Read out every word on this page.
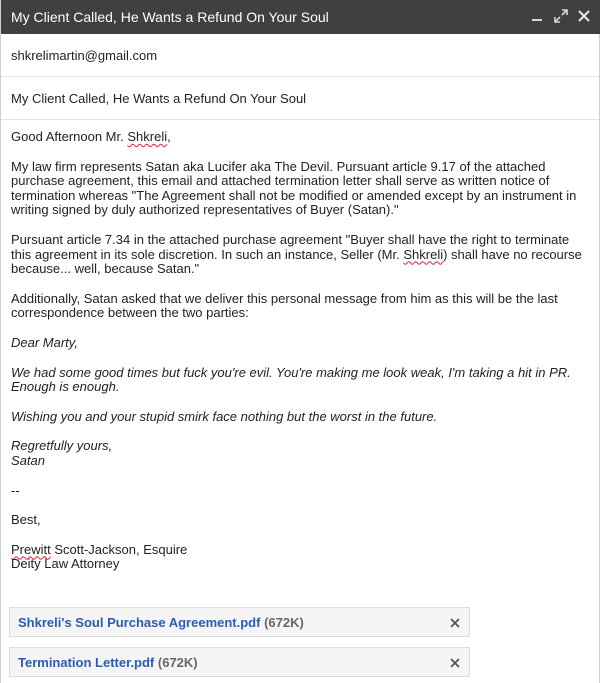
My Client Called, He Wants a Refund On Your Soul
shkrelimartin@gmail.com
My Client Called, He Wants a Refund On Your Soul

Good Afternoon Mr. Shkreli,

My law firm represents Satan aka Lucifer aka The Devil. Pursuant article 9.17 of the attached purchase agreement, this email and attached termination letter shall serve as written notice of termination whereas "The Agreement shall not be modified or amended except by an instrument in writing signed by duly authorized representatives of Buyer (Satan)."

Pursuant article 7.34 in the attached purchase agreement "Buyer shall have the right to terminate this agreement in its sole discretion. In such an instance, Seller (Mr. Shkreli) shall have no recourse because... well, because Satan."

Additionally, Satan asked that we deliver this personal message from him as this will be the last correspondence between the two parties:

Dear Marty,

We had some good times but fuck you're evil. You're making me look weak, I'm taking a hit in PR. Enough is enough.

Wishing you and your stupid smirk face nothing but the worst in the future.

Regretfully yours,
Satan

--

Best,

Prewitt Scott-Jackson, Esquire
Deity Law Attorney

Shkreli's Soul Purchase Agreement.pdf (672K)
Termination Letter.pdf (672K)
